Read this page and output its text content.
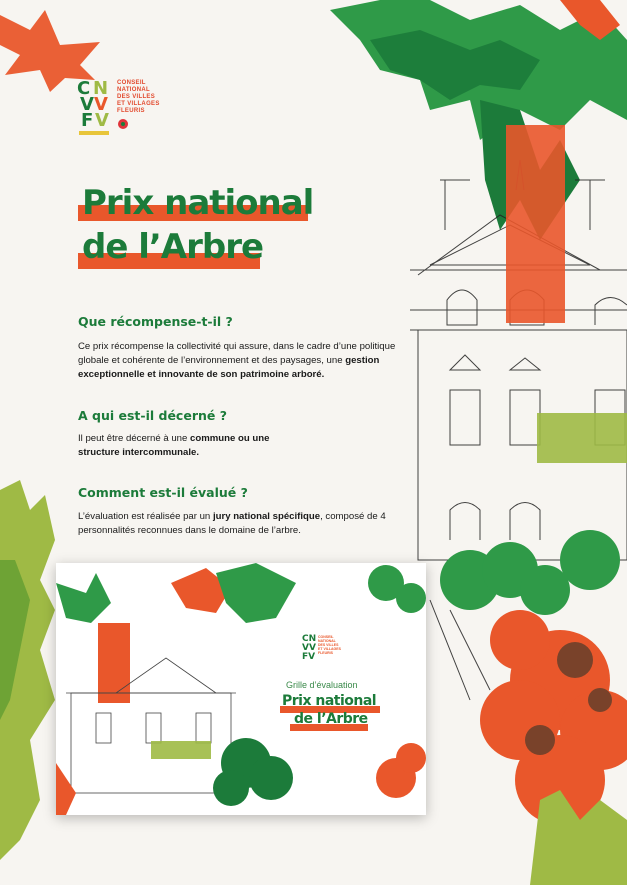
C N
V V
F V
CONSEIL
NATIONAL
DES VILLES
ET VILLAGES
FLEURIS
Prix national
de l’Arbre
Que récompense-t-il ?
Ce prix récompense la collectivité qui assure, dans le cadre d’une politique globale et cohérente de l’environnement et des paysages, une gestion exceptionnelle et innovante de son patrimoine arboré.
A qui est-il décerné ?
Il peut être décerné à une commune ou une structure intercommunale.
Comment est-il évalué ?
L’évaluation est réalisée par un jury national spécifique, composé de 4 personnalités reconnues dans le domaine de l’arbre.
CN
VV
FV
CONSEIL
NATIONAL
DES VILLES
ET VILLAGES
FLEURIS
Grille d’évaluation
Prix national
de l’Arbre
